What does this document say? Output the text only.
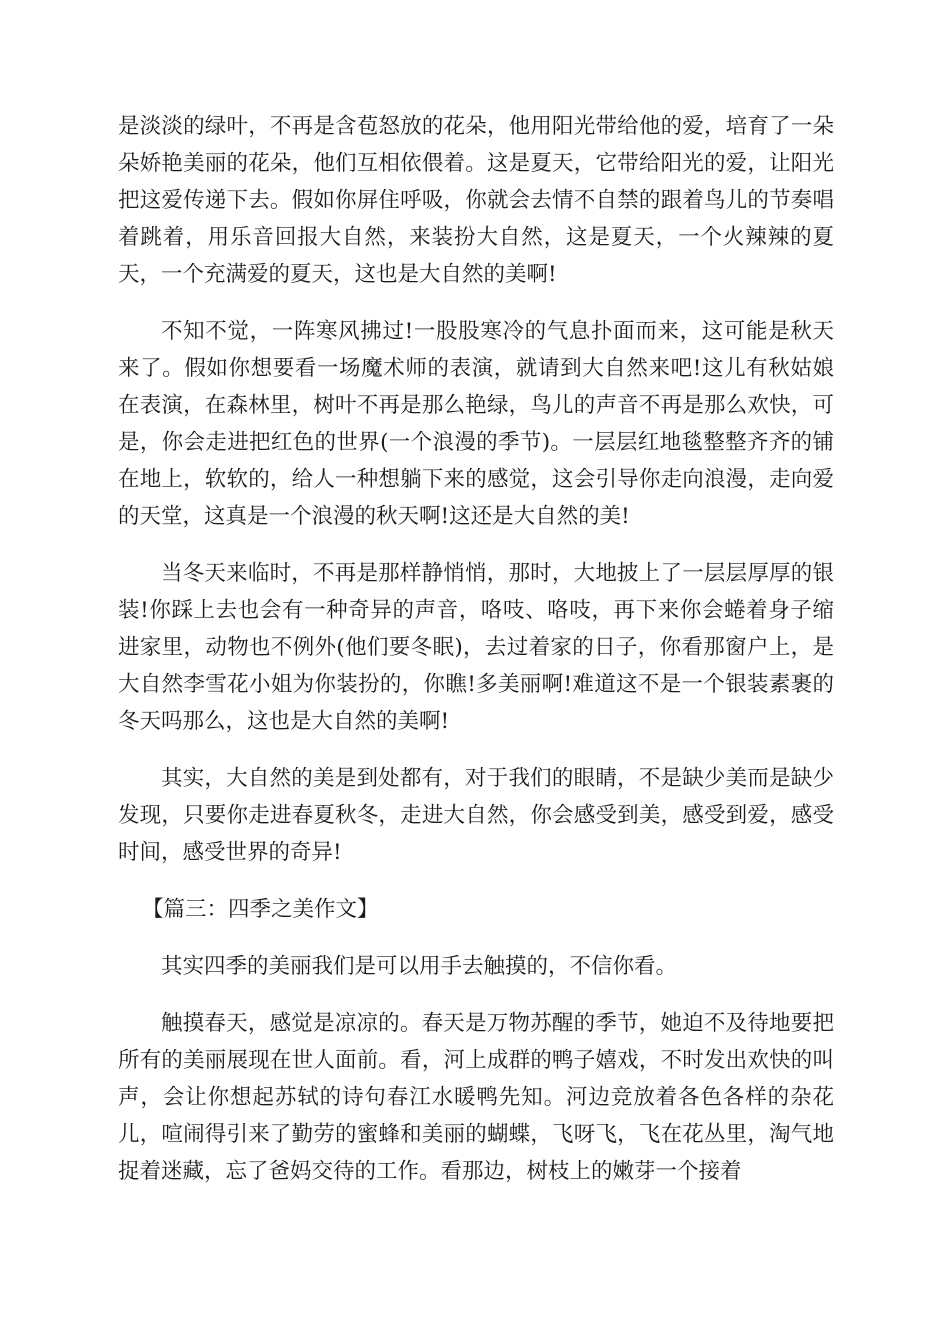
是淡淡的绿叶，不再是含苞怒放的花朵，他用阳光带给他的爱，培育了一朵朵娇艳美丽的花朵，他们互相依偎着。这是夏天，它带给阳光的爱，让阳光把这爱传递下去。假如你屏住呼吸，你就会去情不自禁的跟着鸟儿的节奏唱着跳着，用乐音回报大自然，来装扮大自然，这是夏天，一个火辣辣的夏天，一个充满爱的夏天，这也是大自然的美啊!

不知不觉，一阵寒风拂过!一股股寒冷的气息扑面而来，这可能是秋天来了。假如你想要看一场魔术师的表演，就请到大自然来吧!这儿有秋姑娘在表演，在森林里，树叶不再是那么艳绿，鸟儿的声音不再是那么欢快，可是，你会走进把红色的世界(一个浪漫的季节)。一层层红地毯整整齐齐的铺在地上，软软的，给人一种想躺下来的感觉，这会引导你走向浪漫，走向爱的天堂，这真是一个浪漫的秋天啊!这还是大自然的美!

当冬天来临时，不再是那样静悄悄，那时，大地披上了一层层厚厚的银装!你踩上去也会有一种奇异的声音，咯吱、咯吱，再下来你会蜷着身子缩进家里，动物也不例外(他们要冬眠)，去过着家的日子，你看那窗户上，是大自然李雪花小姐为你装扮的，你瞧!多美丽啊!难道这不是一个银装素裹的冬天吗那么，这也是大自然的美啊!

其实，大自然的美是到处都有，对于我们的眼睛，不是缺少美而是缺少发现，只要你走进春夏秋冬，走进大自然，你会感受到美，感受到爱，感受时间，感受世界的奇异!

【篇三：四季之美作文】

其实四季的美丽我们是可以用手去触摸的，不信你看。

触摸春天，感觉是凉凉的。春天是万物苏醒的季节，她迫不及待地要把所有的美丽展现在世人面前。看，河上成群的鸭子嬉戏，不时发出欢快的叫声，会让你想起苏轼的诗句春江水暖鸭先知。河边竞放着各色各样的杂花儿，喧闹得引来了勤劳的蜜蜂和美丽的蝴蝶，飞呀飞，飞在花丛里，淘气地捉着迷藏，忘了爸妈交待的工作。看那边，树枝上的嫩芽一个接着
